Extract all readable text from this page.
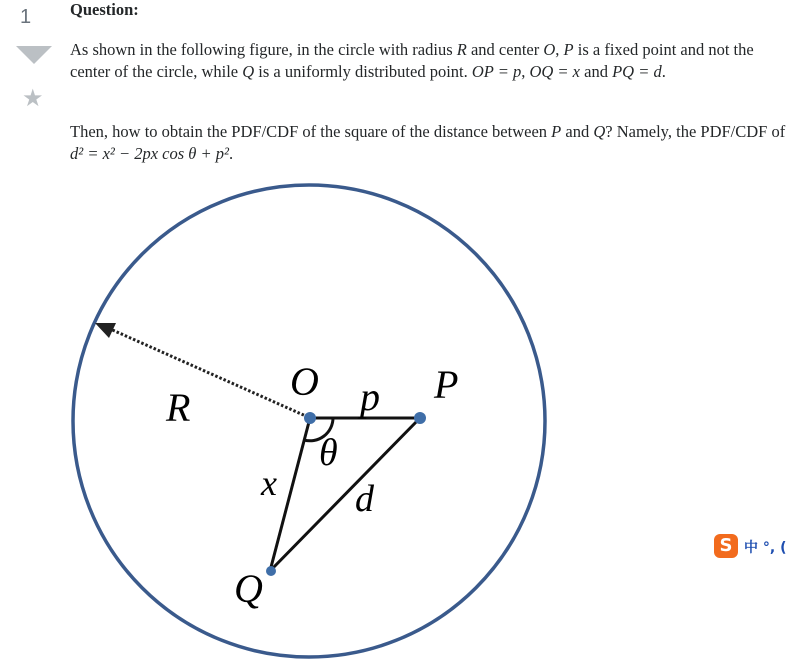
1
★

Question:

As shown in the following figure, in the circle with radius R and center O, P is a fixed point and not the center of the circle, while Q is a uniformly distributed point. OP = p, OQ = x and PQ = d.

Then, how to obtain the PDF/CDF of the square of the distance between P and Q? Namely, the PDF/CDF of d² = x² − 2px cos θ + p².

R
O p P
θ
x d
Q
S 中 °, (
